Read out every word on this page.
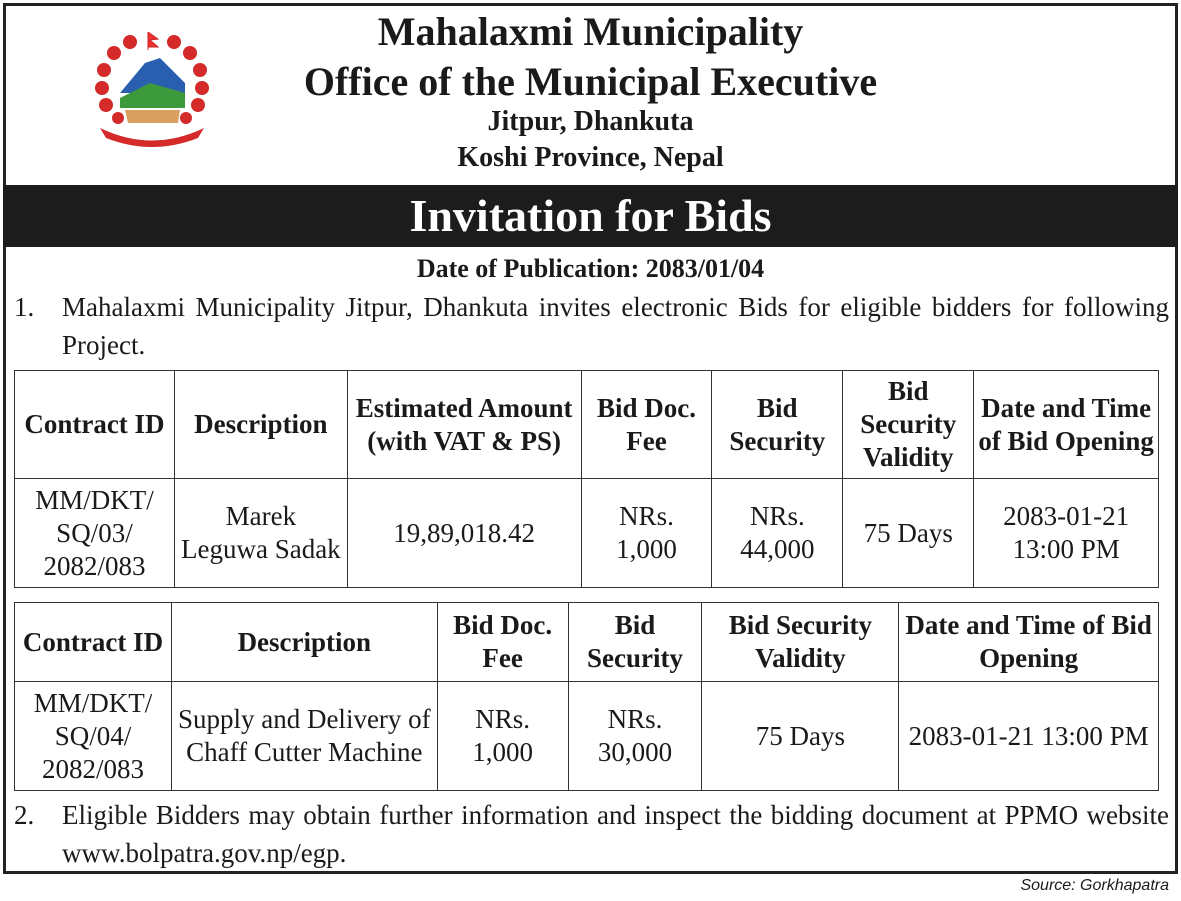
Mahalaxmi Municipality
Office of the Municipal Executive
Jitpur, Dhankuta
Koshi Province, Nepal
Invitation for Bids
Date of Publication: 2083/01/04
1. Mahalaxmi Municipality Jitpur, Dhankuta invites electronic Bids for eligible bidders for following Project.
Contract ID	Description	Estimated Amount (with VAT & PS)	Bid Doc. Fee	Bid Security	Bid Security Validity	Date and Time of Bid Opening
MM/DKT/ SQ/03/ 2082/083	Marek Leguwa Sadak	19,89,018.42	NRs. 1,000	NRs. 44,000	75 Days	2083-01-21 13:00 PM
Contract ID	Description	Bid Doc. Fee	Bid Security	Bid Security Validity	Date and Time of Bid Opening
MM/DKT/ SQ/04/ 2082/083	Supply and Delivery of Chaff Cutter Machine	NRs. 1,000	NRs. 30,000	75 Days	2083-01-21 13:00 PM
2. Eligible Bidders may obtain further information and inspect the bidding document at PPMO website www.bolpatra.gov.np/egp.
Source: Gorkhapatra
